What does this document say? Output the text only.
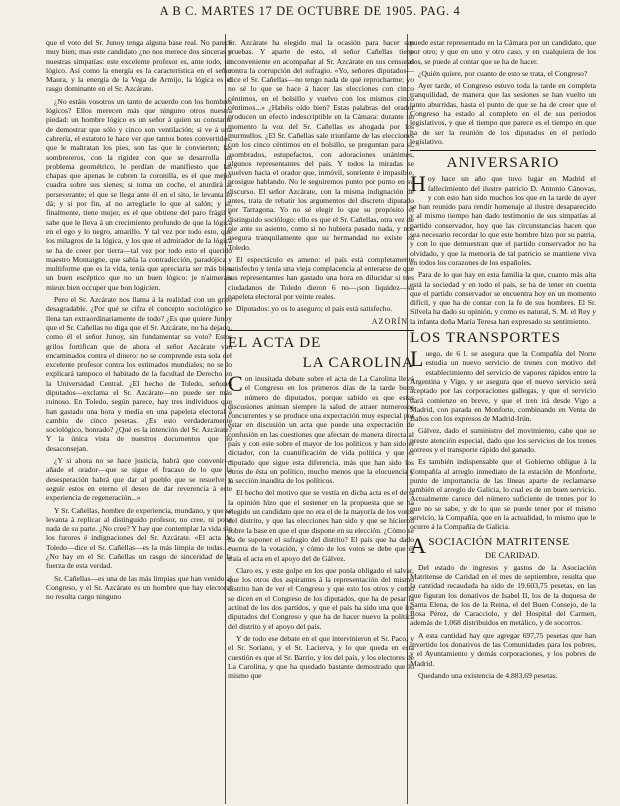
A B C. MARTES 17 DE OCTUBRE DE 1905. PAG. 4

que el voto del Sr. Junoy tenga alguna base real. No parece muy bien; mas este candidato ¿no nos merece dos sinceras y nuestras simpatías: este excelente profesor es, ante todo, un lógico. Así como la energía es la característica en el señor Maura, y la energía de la Vega de Armijo, la lógica es el rasgo dominante en el Sr. Azcárate.

¿No estáis vosotros un tanto de acuerdo con los hombres lógicos? Ellos merecen más que ninguno otros nuestra piedad: un hombre lógico es un señor á quien su constante de demostrar que sólo y cinco son ventilación; si ve á una cabrería, el estatuto le hace ver que tantos botes convertidos, que le maltratan los pies, son las que le convierten; las sombrereros, con la rigidez con que se desarrolla un problema geométrico, le perdían de manifiesto que las chapas que apenas le cubren la coronilla, es el que mejor cuadra sobre sus sienes; si toma un coche, el aturdirá al perseverante; el que se llega ante él en el sito, le levanta lo dá; y si por fin, al no arreglarle lo que al salón; y si, finalmente, tiene mujer, es el que obtiene del paro frágil y sabe que le lleva á un crecimiento profundo de que la lógica en el ego y lo negro, amarillo. Y tal vez por todo esto, que los milagros de la lógica, y los que el admirador de la lógica se ha de creer por tierra—tal vez por todo esto el querido maestro Montaigne, que sabía la contradicción, paradójica y multiforme que es la vida, tenía que apreciaria ser más bien un buen escéptico que no un buen lógico: je n'aimerais mieux bien occuper que bon logicien.

Pero el Sr. Azcárate nos llama á la realidad con un grito desagradable. ¿Por qué se cifra el concepto sociológico se llena tan extraordinariamente de todo? ¿Es que quiere Junoy que el Sr. Cañellas no diga que el Sr. Azcárate, no ha dejado, como él el señor Junoy, sin fundamentar su voto? Estos grilos fortifican que de ahora el señor Azcárate van encaminados contra el dinero: no se comprende esta sola del excelente profesor contra los estimados mundiales; no se lo explicará tampoco el habitado de la facultad de Derecho en la Universidad Central. ¿El hecho de Toledo, señores diputados—exclama el Sr. Azcárate—no puede ser más ruinoso. En Toledo, según parece, hay tres individuos que han gastado una hora y media en una papeleta electoral á cambio de cinco pesetas. ¿Es esto verdaderamente sociológico, honrado? ¿Qué es la intención del Sr. Azcárate? Y la única vista de nuestros documentos que lo desaconsejan.

¿Y si ahora no se hace justicia, habrá que convenir—añade el orador—que se sigue el fracaso de lo que la desesperación habrá que dar al pueblo que se resuelve y seguir estos en eterno el deseo de dar reverencia á este experiencia de regeneración...»

Y Sr. Cañellas, hombre de experiencia, mundano, y que se levanta á replicar al distinguido profesor, no cree, ni pone nada de su parte. ¿No cree? Y hay que contemplar la vida sin los furores é indignaciones del Sr. Azcárate. «El acta de Toledo—dice el Sr. Cañellas—es la más limpia de todas...» ¿No hay en el Sr. Cañellas un rasgo de sinceridad de la fuerza de esta verdad.

Sr. Cañellas—es una de las más limpias que han venido al Congreso, y el Sr. Azcárate es un hombre que hay electoral no resulta cargo ninguno

Sr. Azcárate ha elegido mal la ocasión para hacer sus pruebas. Y aparte de esto, el señor Cañellas tiene inconveniente en acompañar al Sr. Azcárate en sus censuras contra la corrupción del sufragio. «Yo, señores diputados—dice el Sr. Cañellas—no tengo nada de qué reprocharme; yo no sé lo que se hace á hacer las elecciones con cinco céntimos, en el bolsillo y vuelvo con los mismos cinco céntimos...» ¿Habéis oído bien? Estas palabras del orador producen un efecto indescriptible en la Cámara: durante un momento la voz del Sr. Cañellas es ahogada por los murmullos. ¿El Sr. Cañellas sale triunfante de las elecciones con los cinco céntimos en el bolsillo, se preguntan para sí, asombrados, estupefactos, con adoraciones unánimes, algunos representantes del país. Y todos la miradas se vuelven hacia el orador que, inmóvil, sonriente é impasible, prosigue hablando. No le seguiremos punto por punto en su discurso. El señor Azcárate, con la misma indignación de antes, trata de rebatir los argumentos del discreto diputado por Tarragona. Yo no sé elegir lo que su propósito el distinguido sociólogo: ello es que el Sr. Cañellas, otra vez de pie ante su asiento, como si no hubiera pasado nada, y nos asegura tranquilamente que su hermandad no existe en Toledo.

El espectáculo es ameno: el país está completamente satisfecho y tenía una vieja complacencia al enterarse de que sus representantes han gastado una hora en dilucidar si tres ciudadanos de Toledo dieron 6 no—¡son liquidez—su papeleta electoral por veinte reales.

Diputados: yo os lo aseguro; el país está satisfecho.

AZORÍN
EL ACTA DE
LA CAROLINA

Con inusitada debate sobre el acta de La Carolina llevó el Congreso en los primeros días de la tarde buen número de diputados, porque sabido es que estas discusiones animan siempre la salud de atraer numerosos concurrentes y se produce una expectación muy especial por estar en discusión un acta que puede una expectación de confusión en las cuestiones que afectan de manera directa al país y con este sobre el mayor de los políticos y han sido el dictador, con la cuantificación de vida política y que el diputado que sigue esta diferencia, más que han sido los otros de ésta un político, mucho menos que la elocuencia y la sección inaudita de los políticos.

El hecho del motivo que se vestía en dicha acta es el de si la opinión hizo que el sostener en la propuesta que se ha elegido un candidato que no era el de la mayoría de los votos del distrito, y que las elecciones han sido y que se hicieron sobre la base en que el que dispone en su elección. ¿Cómo se ha de suponer el sufragio del distrito? El país que ha dado cuenta de la votación, y cómo de los votos se debe que él traía el acta en el apoyo del de Gálvez.

Claro es, y este golpe en los que ponía obligado el salvar, que los otros dos aspirantes á la representación del mismo distrito han de ver el Congreso y que esto los otros y como se dicen en el Congreso de los diputados, que ha de pesar la actitud de los dos partidos, y que el país ha sido una que los diputados del Congreso y que ha de hacer nuevo la política del distrito y el apoyo del país.

Y de todo ese debate en el que intervinieron el Sr. Paco, y el Sr. Soriano, y el Sr. Lacierva, y lo que queda en esta cuestión es que el Sr. Barrio, y los del país, y los electores de La Carolina, y que ha quedado bastante demostrado que lo mismo que

puede estar representado en la Cámara por un candidato, que por otro; y que en uno y otro caso, y en cualquiera de los dos, se puede al contar que se ha de hacer.

¿Quién quiere, por cuanto de esto se trata, el Congreso?

Ayer tarde, el Congreso estuvo toda la tarde en completa tranquilidad, de manera que las sesiones se han vuelto un tanto aburridas, hasta el punto de que se ha de creer que el Congreso ha estado al completo en el de sus periodos legislativos, y que el tiempo que parece es el tiempo en que ha de ser la reunión de los diputados en el período legislativo.

ANIVERSARIO

Hoy hace un año que tuvo lugar en Madrid el fallecimiento del ilustre patricio D. Antonio Cánovas, y con esto han sido muchos los que en la tarde de ayer se han reunido para rendir homenaje al ilustre desaparecido y al mismo tiempo han dado testimonio de sus simpatías al partido conservador, hoy que las circunstancias hacen que sea necesario recordar lo que este hombre hizo por su patria, y con lo que demuestran que el partido conservador no ha olvidado, y que la memoria de tal patricio se mantiene viva en todos los corazones de los españoles.

Para de lo que hay en esta familia la que, cuanto más alta está la sociedad y en todo el país, se ha de tener en cuenta que el partido conservador se encuentra hoy en un momento difícil, y que ha de contar con la fe de sus hombres. El Sr. Silvela ha dado su opinión, y como es natural, S. M. el Rey y la infanta doña María Teresa han expresado su sentimiento.

LOS TRANSPORTES

Luego, de 6 l. se asegura que la Compañía del Norte estudia un nuevo servicio de trenes con motivo del establecimiento del servicio de vapores rápidos entre la Argentina y Vigo, y se asegura que el nuevo servicio será aceptado por las corporaciones gallegas, y que el servicio dará comienzo en breve, y que el tren irá desde Vigo a Madrid, con parada en Monforte, combinando en Venta de Baños con los expresos de Madrid-Irún.

Gálvez, dado el suministro del movimiento, cabe que se preste atención especial, dado que los servicios de los trenes correos y el transporte rápido del ganado.

Es también indispensable que el Gobierno obligue á la Compañía al arreglo inmediato de la estación de Monforte, punto de importancia de las líneas aparte de reclamarse también el arreglo de Galicia, lo cual es de un buen servicio. Actualmente carece del número suficiente de trenes por lo que no se sabe, y de lo que se puede tener por el mismo servicio, la Compañía, que en la actualidad, lo mismo que le ocurre á la Compañía de Galicia.

ASOCIACIÓN MATRITENSE
DE CARIDAD.

Del estado de ingresos y gastos de la Asociación Matritense de Caridad en el mes de septiembre, resulta que la cantidad recaudada ha sido de 19.603,75 pesetas, en las que figuran los donativos de Isabel II, los de la duquesa de Santa Elena, de los de la Reina, el del Buen Consejo, de la Rosa Pérez, de Caracciolo, y del Hospital del Carmen, además de 1.068 distribuidos en metálico, y de socorros.

A esta cantidad hay que agregar 697,75 pesetas que han invertido los donativos de las Comunidades para los pobres, y el Ayuntamiento y demás corporaciones, y los pobres de Madrid.

Quedando una existencia de 4.883,69 pesetas.
